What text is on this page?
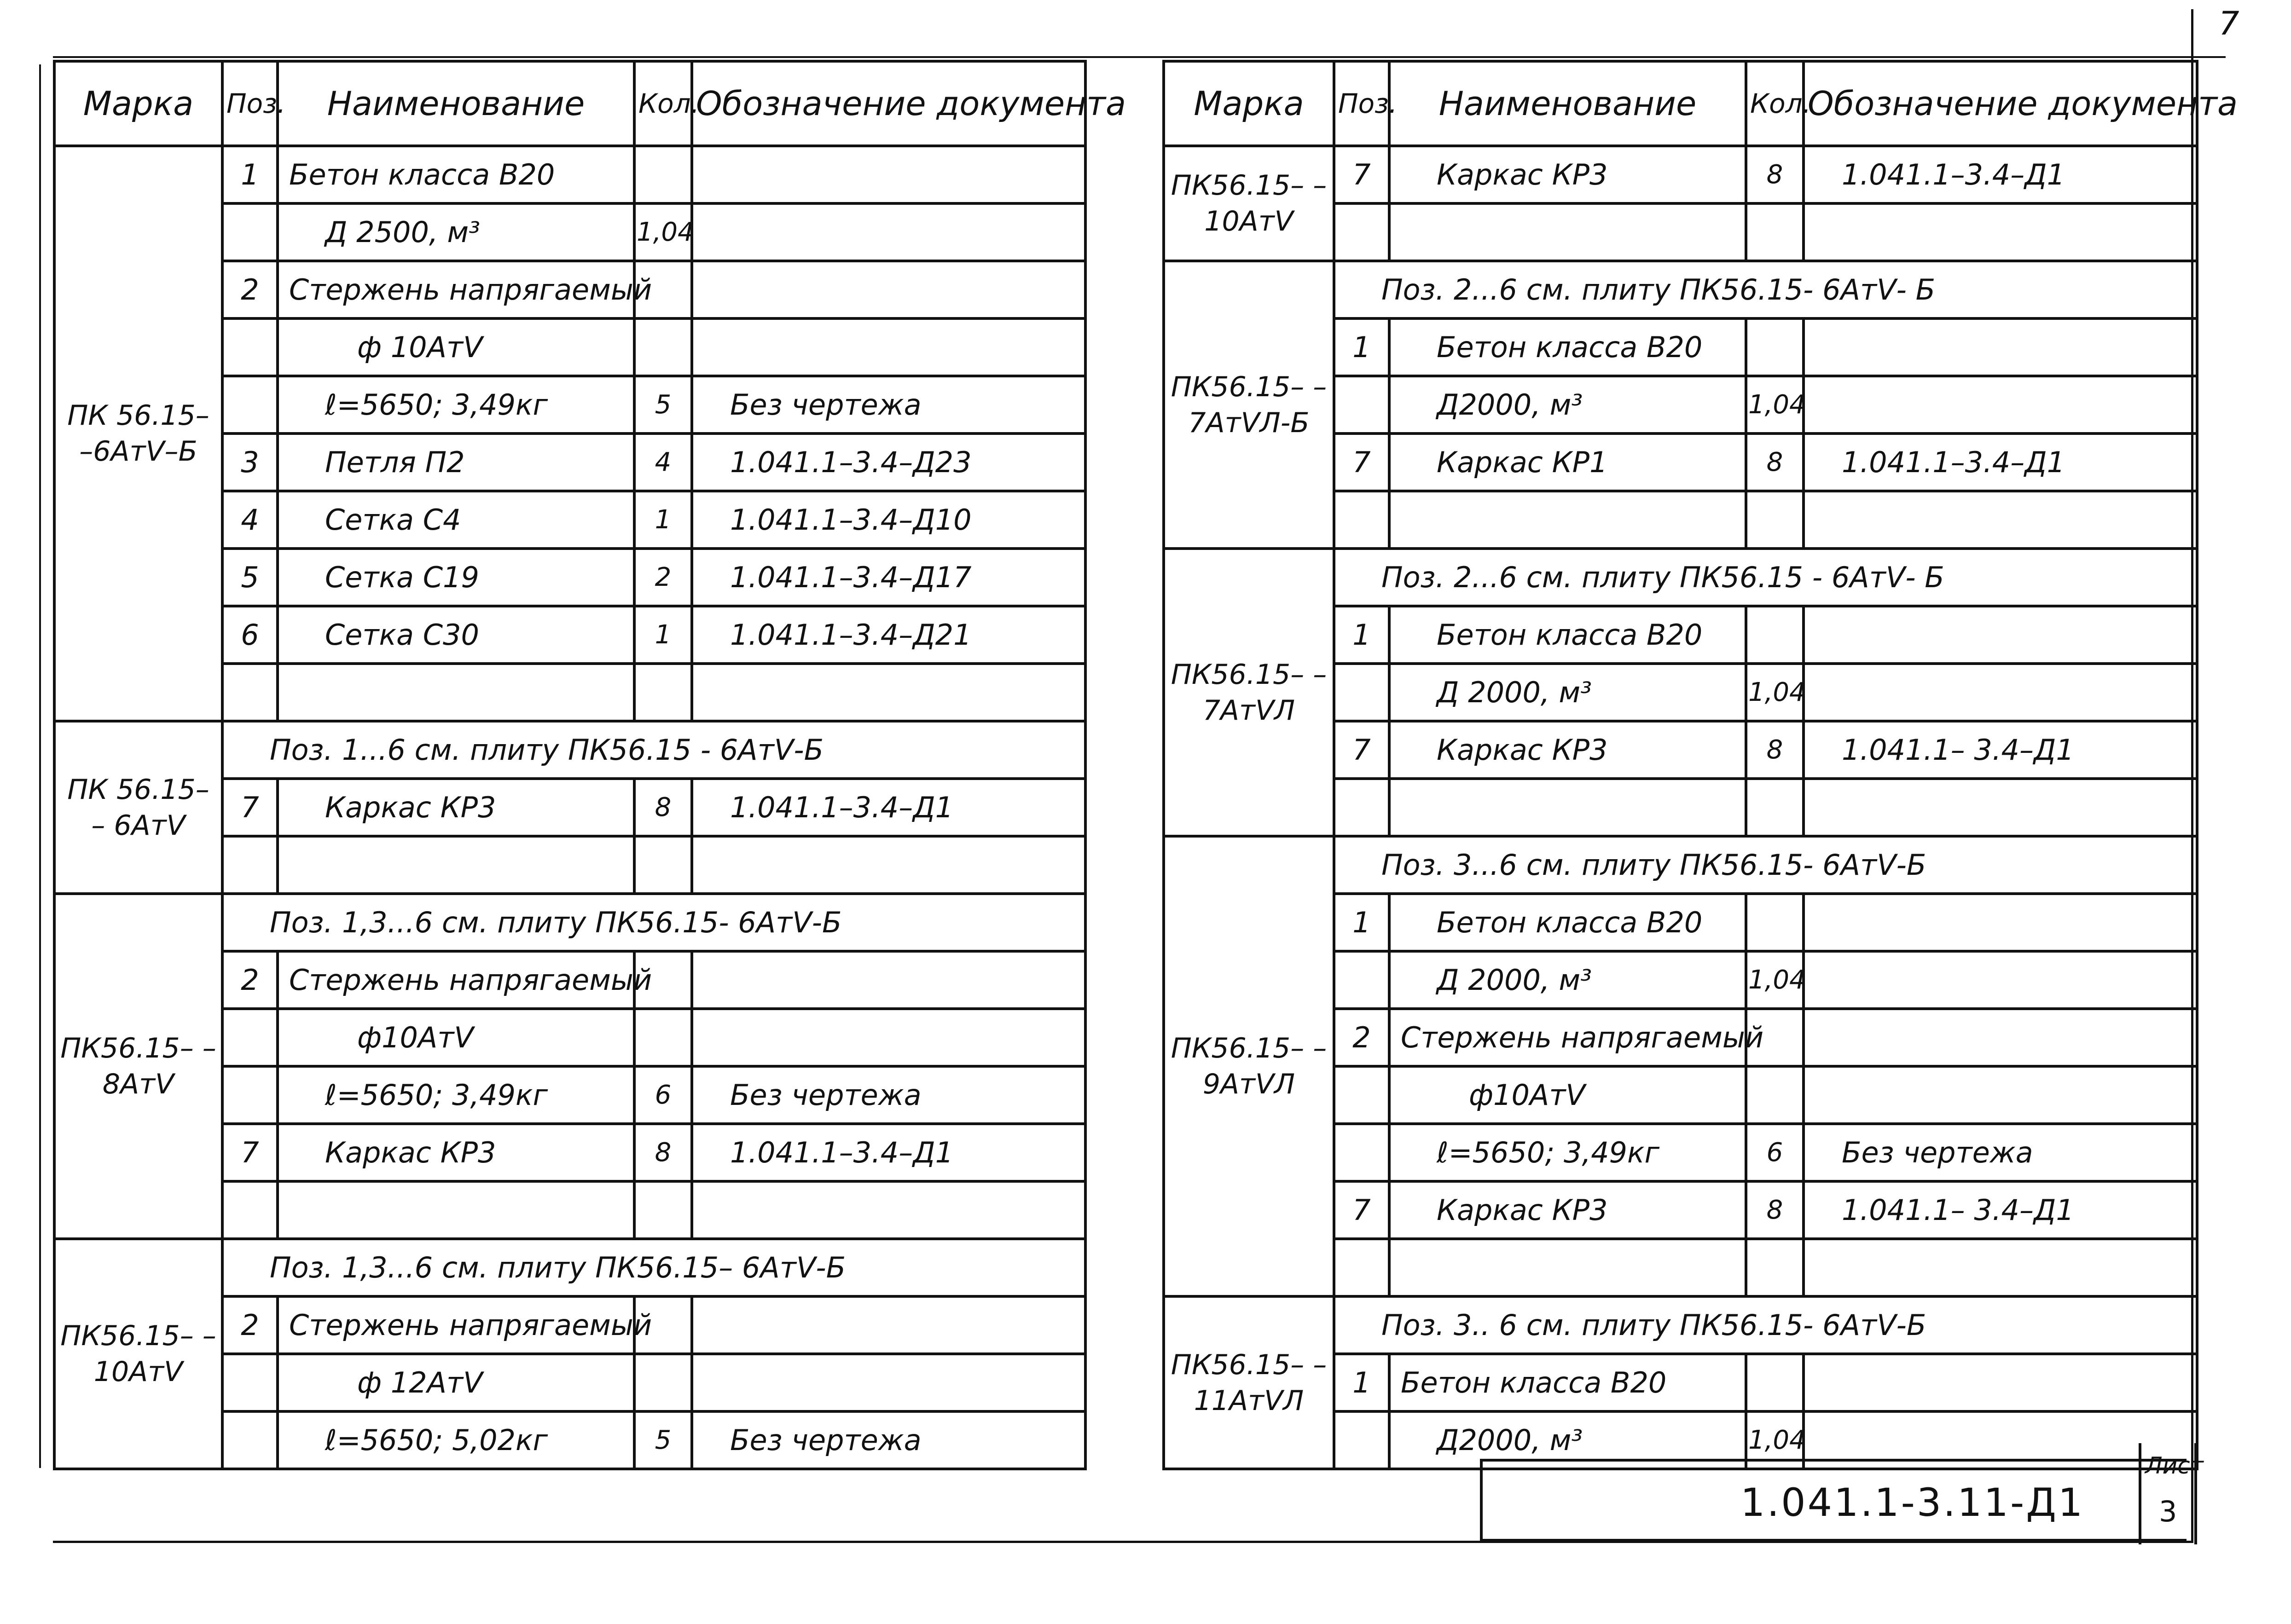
7
Марка	Поз.	Наименование	Кол.	Обозначение документа
ПК 56.15– –6АтⅤ–Б	1	Бетон класса В20		
		Д 2500, м³	1,04	
	2	Стержень напрягаемый		
		ф 10АтⅤ		
		ℓ=5650; 3,49кг	5	Без чертежа
	3	Петля П2	4	1.041.1–3.4–Д23
	4	Сетка С4	1	1.041.1–3.4–Д10
	5	Сетка С19	2	1.041.1–3.4–Д17
	6	Сетка С30	1	1.041.1–3.4–Д21

ПК 56.15– – 6АтⅤ	Поз. 1...6 см. плиту ПК56.15 - 6АтⅤ-Б			
	7	Каркас КР3	8	1.041.1–3.4–Д1

ПК56.15– –8АтⅤ	Поз. 1,3...6 см. плиту ПК56.15- 6АтⅤ-Б			
	2	Стержень напрягаемый		
		ф10АтⅤ		
		ℓ=5650; 3,49кг	6	Без чертежа
	7	Каркас КР3	8	1.041.1–3.4–Д1

ПК56.15– – 10АтⅤ	Поз. 1,3...6 см. плиту ПК56.15– 6АтⅤ-Б			
	2	Стержень напрягаемый		
		ф 12АтⅤ		
		ℓ=5650; 5,02кг	5	Без чертежа
Марка	Поз.	Наименование	Кол.	Обозначение документа
ПК56.15– –10АтⅤ	7	Каркас КР3	8	1.041.1–3.4–Д1

ПК56.15– –7АтⅤЛ-Б	Поз. 2...6 см. плиту ПК56.15- 6АтⅤ- Б			
	1	Бетон класса В20		
		Д2000, м³	1,04	
	7	Каркас КР1	8	1.041.1–3.4–Д1

ПК56.15– – 7АтⅤЛ	Поз. 2...6 см. плиту ПК56.15 - 6АтⅤ- Б			
	1	Бетон класса В20		
		Д 2000, м³	1,04	
	7	Каркас КР3	8	1.041.1– 3.4–Д1

ПК56.15– –9АтⅤЛ	Поз. 3...6 см. плиту ПК56.15- 6АтⅤ-Б			
	1	Бетон класса В20		
		Д 2000, м³	1,04	
	2	Стержень напрягаемый		
		ф10АтⅤ		
		ℓ=5650; 3,49кг	6	Без чертежа
	7	Каркас КР3	8	1.041.1– 3.4–Д1

ПК56.15– –11АтⅤЛ	Поз. 3.. 6 см. плиту ПК56.15- 6АтⅤ-Б			
	1	Бетон класса В20		
		Д2000, м³	1,04	
1.041.1-3.11-Д1
Лист
3
